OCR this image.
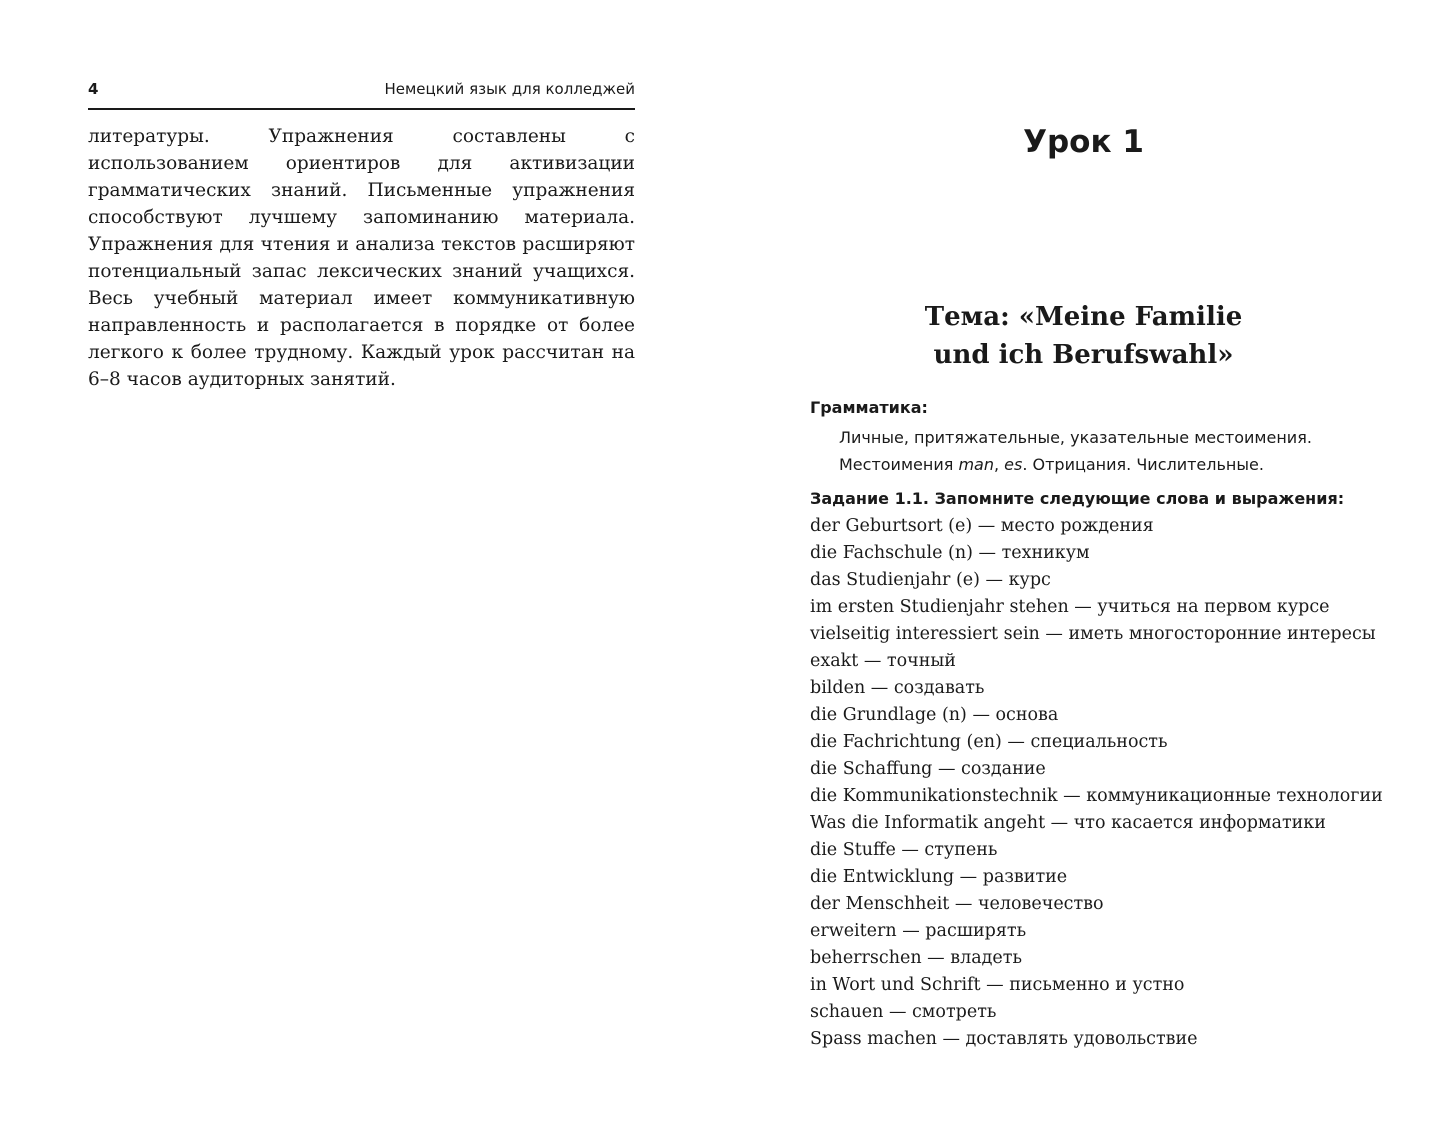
4	Немецкий язык для колледжей

литературы. Упражнения составлены с использованием ориентиров для активизации грамматических знаний. Письменные упражнения способствуют лучшему запоминанию материала. Упражнения для чтения и анализа текстов расширяют потенциальный запас лексических знаний учащихся. Весь учебный материал имеет коммуникативную направленность и располагается в порядке от более легкого к более трудному. Каждый урок рассчитан на 6–8 часов аудиторных занятий.

Урок 1
Тема: «Meine Familie
und ich Berufswahl»
Грамматика:
Личные, притяжательные, указательные местоимения.
Местоимения man, es. Отрицания. Числительные.
Задание 1.1. Запомните следующие слова и выражения:
der Geburtsort (e) — место рождения
die Fachschule (n) — техникум
das Studienjahr (e) — курс
im ersten Studienjahr stehen — учиться на первом курсе
vielseitig interessiert sein — иметь многосторонние интересы
exakt — точный
bilden — создавать
die Grundlage (n) — основа
die Fachrichtung (en) — специальность
die Schaffung — создание
die Kommunikationstechnik — коммуникационные технологии
Was die Informatik angeht — что касается информатики
die Stuffe — ступень
die Entwicklung — развитие
der Menschheit — человечество
erweitern — расширять
beherrschen — владеть
in Wort und Schrift — письменно и устно
schauen — смотреть
Spass machen — доставлять удовольствие
